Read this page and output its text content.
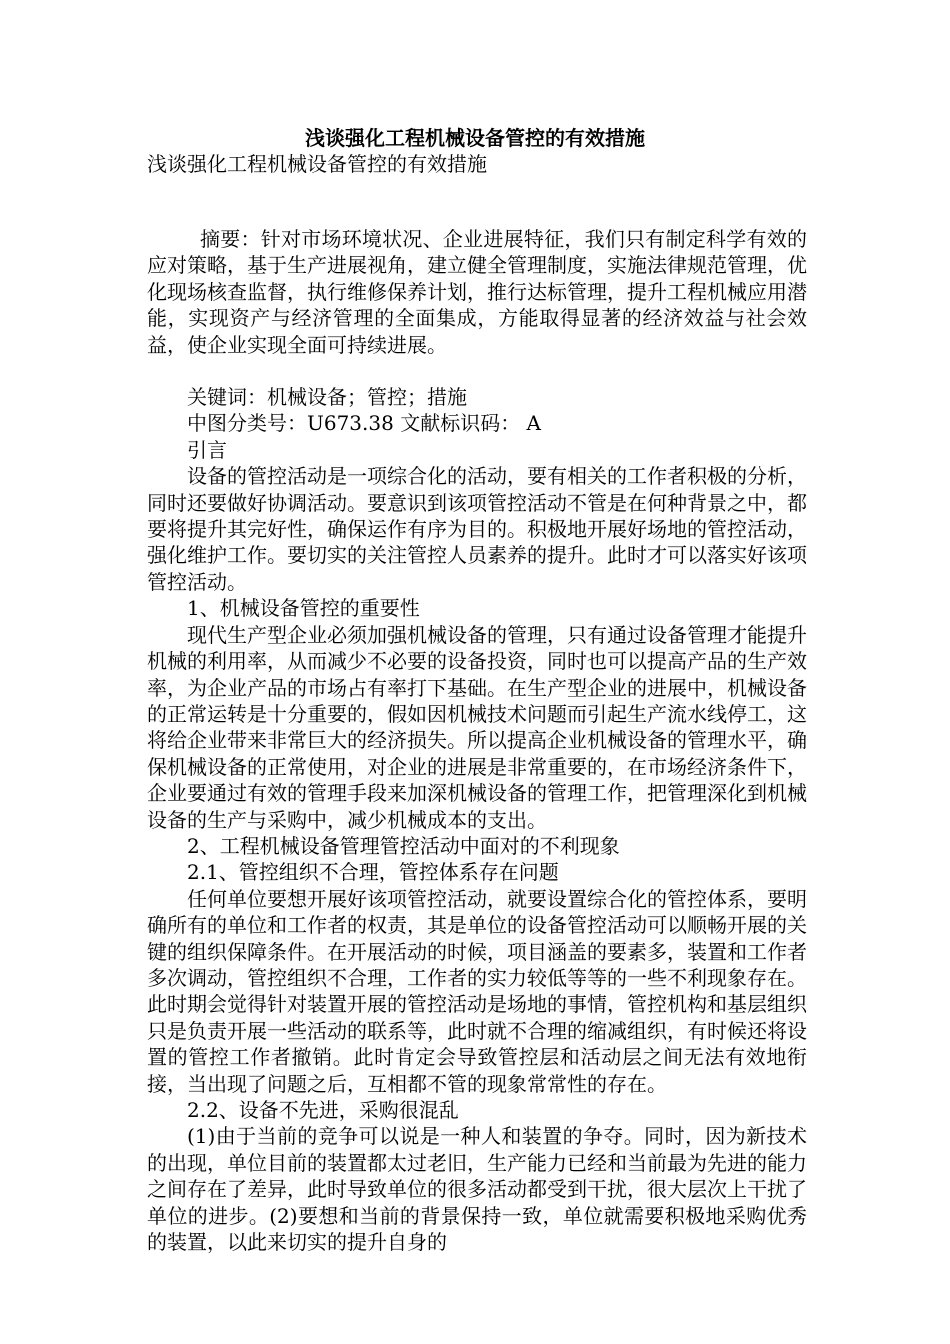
浅谈强化工程机械设备管控的有效措施
浅谈强化工程机械设备管控的有效措施

摘要：针对市场环境状况、企业进展特征，我们只有制定科学有效的应对策略，基于生产进展视角，建立健全管理制度，实施法律规范管理，优化现场核查监督，执行维修保养计划，推行达标管理，提升工程机械应用潜能，实现资产与经济管理的全面集成，方能取得显著的经济效益与社会效益，使企业实现全面可持续进展。

关键词：机械设备；管控；措施

中图分类号：U673.38 文献标识码： A

引言

设备的管控活动是一项综合化的活动，要有相关的工作者积极的分析，同时还要做好协调活动。要意识到该项管控活动不管是在何种背景之中，都要将提升其完好性，确保运作有序为目的。积极地开展好场地的管控活动，强化维护工作。要切实的关注管控人员素养的提升。此时才可以落实好该项管控活动。

1、机械设备管控的重要性

现代生产型企业必须加强机械设备的管理，只有通过设备管理才能提升机械的利用率，从而减少不必要的设备投资，同时也可以提高产品的生产效率，为企业产品的市场占有率打下基础。在生产型企业的进展中，机械设备的正常运转是十分重要的，假如因机械技术问题而引起生产流水线停工，这将给企业带来非常巨大的经济损失。所以提高企业机械设备的管理水平，确保机械设备的正常使用，对企业的进展是非常重要的，在市场经济条件下，企业要通过有效的管理手段来加深机械设备的管理工作，把管理深化到机械设备的生产与采购中，减少机械成本的支出。

2、工程机械设备管理管控活动中面对的不利现象

2.1、管控组织不合理，管控体系存在问题

任何单位要想开展好该项管控活动，就要设置综合化的管控体系，要明确所有的单位和工作者的权责，其是单位的设备管控活动可以顺畅开展的关键的组织保障条件。在开展活动的时候，项目涵盖的要素多，装置和工作者多次调动，管控组织不合理，工作者的实力较低等等的一些不利现象存在。此时期会觉得针对装置开展的管控活动是场地的事情，管控机构和基层组织只是负责开展一些活动的联系等，此时就不合理的缩减组织，有时候还将设置的管控工作者撤销。此时肯定会导致管控层和活动层之间无法有效地衔接，当出现了问题之后，互相都不管的现象常常性的存在。

2.2、设备不先进，采购很混乱

(1)由于当前的竞争可以说是一种人和装置的争夺。同时，因为新技术的出现，单位目前的装置都太过老旧，生产能力已经和当前最为先进的能力之间存在了差异，此时导致单位的很多活动都受到干扰，很大层次上干扰了单位的进步。(2)要想和当前的背景保持一致，单位就需要积极地采购优秀的装置，以此来切实的提升自身的
